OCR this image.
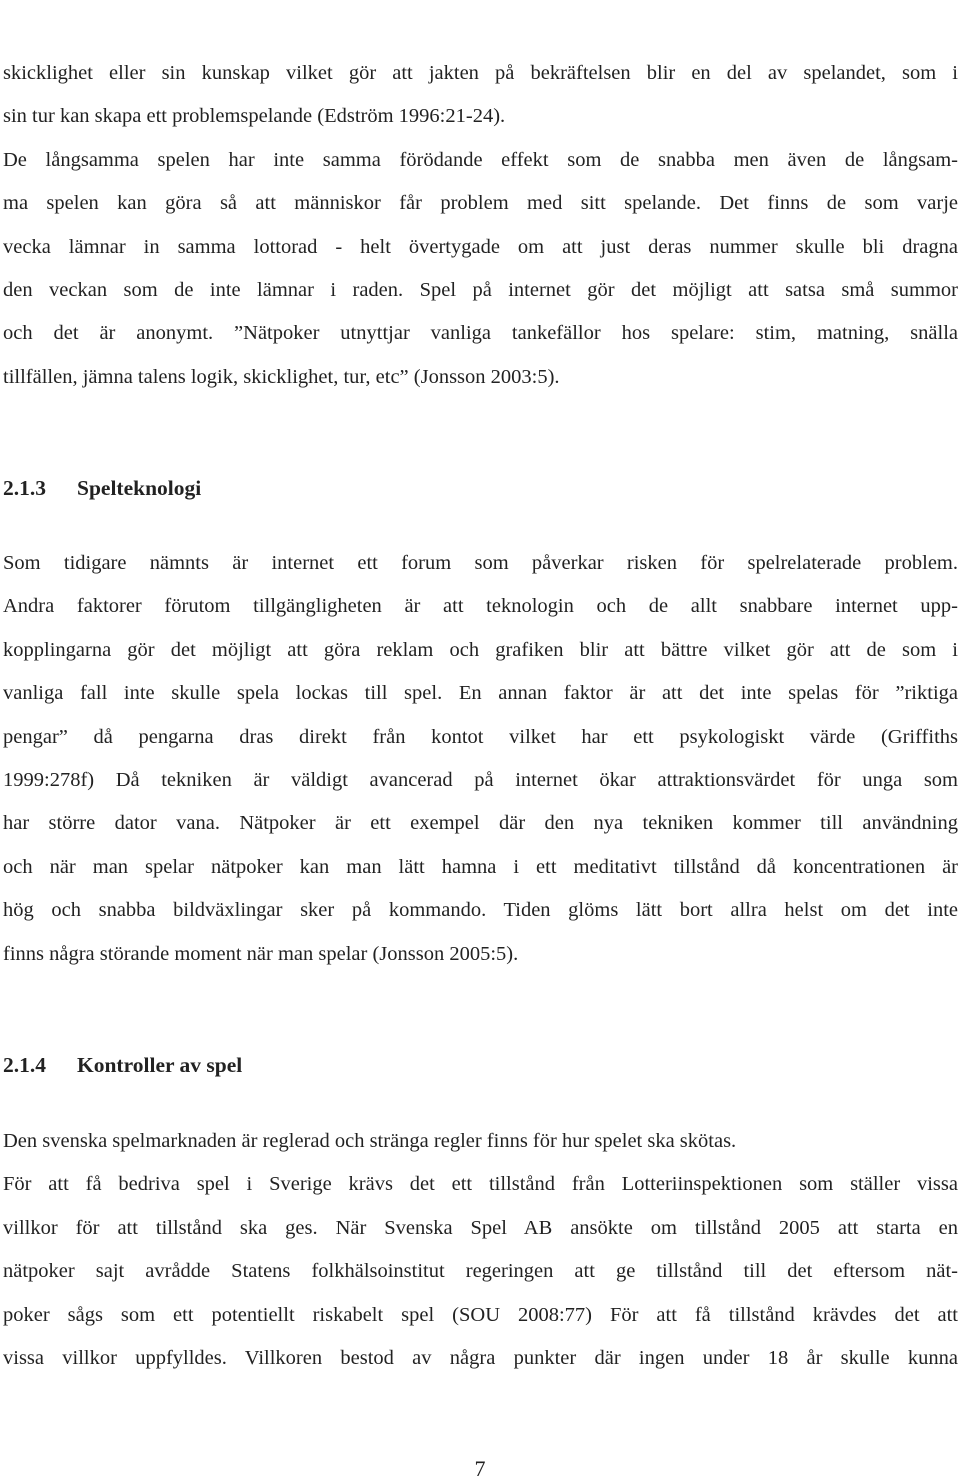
skicklighet eller sin kunskap vilket gör att jakten på bekräftelsen blir en del av spelandet, som i
sin tur kan skapa ett problemspelande (Edström 1996:21-24).
De långsamma spelen har inte samma förödande effekt som de snabba men även de långsam-
ma spelen kan göra så att människor får problem med sitt spelande. Det finns de som varje
vecka lämnar in samma lottorad - helt övertygade om att just deras nummer skulle bli dragna
den veckan som de inte lämnar i raden. Spel på internet gör det möjligt att satsa små summor
och det är anonymt. ”Nätpoker utnyttjar vanliga tankefällor hos spelare: stim, matning, snälla
tillfällen, jämna talens logik, skicklighet, tur, etc” (Jonsson 2003:5).
2.1.3 Spelteknologi
Som tidigare nämnts är internet ett forum som påverkar risken för spelrelaterade problem.
Andra faktorer förutom tillgängligheten är att teknologin och de allt snabbare internet upp-
kopplingarna gör det möjligt att göra reklam och grafiken blir att bättre vilket gör att de som i
vanliga fall inte skulle spela lockas till spel. En annan faktor är att det inte spelas för ”riktiga
pengar” då pengarna dras direkt från kontot vilket har ett psykologiskt värde (Griffiths
1999:278f) Då tekniken är väldigt avancerad på internet ökar attraktionsvärdet för unga som
har större dator vana. Nätpoker är ett exempel där den nya tekniken kommer till användning
och när man spelar nätpoker kan man lätt hamna i ett meditativt tillstånd då koncentrationen är
hög och snabba bildväxlingar sker på kommando. Tiden glöms lätt bort allra helst om det inte
finns några störande moment när man spelar (Jonsson 2005:5).
2.1.4 Kontroller av spel
Den svenska spelmarknaden är reglerad och stränga regler finns för hur spelet ska skötas.
För att få bedriva spel i Sverige krävs det ett tillstånd från Lotteriinspektionen som ställer vissa
villkor för att tillstånd ska ges. När Svenska Spel AB ansökte om tillstånd 2005 att starta en
nätpoker sajt avrådde Statens folkhälsoinstitut regeringen att ge tillstånd till det eftersom nät-
poker sågs som ett potentiellt riskabelt spel (SOU 2008:77) För att få tillstånd krävdes det att
vissa villkor uppfylldes. Villkoren bestod av några punkter där ingen under 18 år skulle kunna
7
